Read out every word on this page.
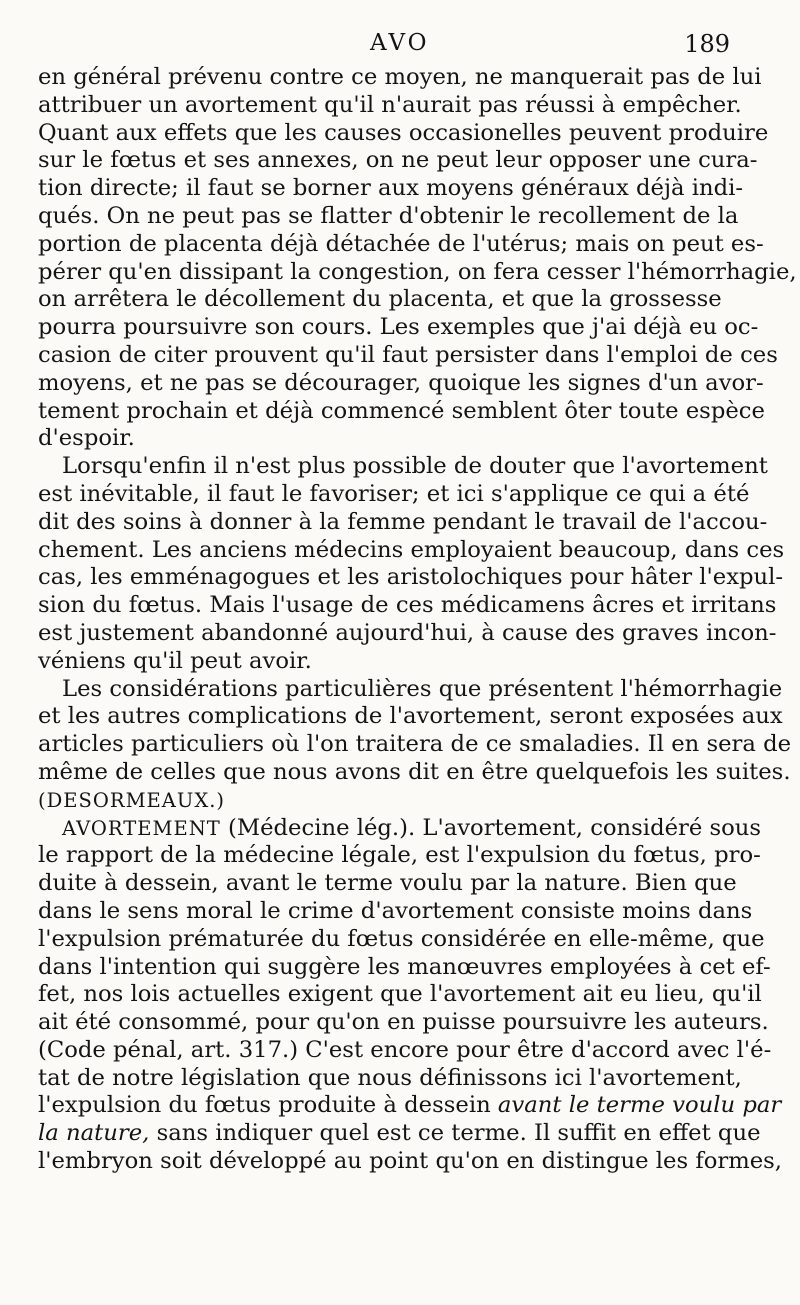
AVO	189

en général prévenu contre ce moyen, ne manquerait pas de lui
attribuer un avortement qu'il n'aurait pas réussi à empêcher.
Quant aux effets que les causes occasionelles peuvent produire
sur le fœtus et ses annexes, on ne peut leur opposer une cura-
tion directe; il faut se borner aux moyens généraux déjà indi-
qués. On ne peut pas se flatter d'obtenir le recollement de la
portion de placenta déjà détachée de l'utérus; mais on peut es-
pérer qu'en dissipant la congestion, on fera cesser l'hémorrhagie,
on arrêtera le décollement du placenta, et que la grossesse
pourra poursuivre son cours. Les exemples que j'ai déjà eu oc-
casion de citer prouvent qu'il faut persister dans l'emploi de ces
moyens, et ne pas se décourager, quoique les signes d'un avor-
tement prochain et déjà commencé semblent ôter toute espèce
d'espoir.

Lorsqu'enfin il n'est plus possible de douter que l'avortement
est inévitable, il faut le favoriser; et ici s'applique ce qui a été
dit des soins à donner à la femme pendant le travail de l'accou-
chement. Les anciens médecins employaient beaucoup, dans ces
cas, les emménagogues et les aristolochiques pour hâter l'expul-
sion du fœtus. Mais l'usage de ces médicamens âcres et irritans
est justement abandonné aujourd'hui, à cause des graves incon-
véniens qu'il peut avoir.

Les considérations particulières que présentent l'hémorrhagie
et les autres complications de l'avortement, seront exposées aux
articles particuliers où l'on traitera de ce smaladies. Il en sera de
même de celles que nous avons dit en être quelquefois les suites.

(DESORMEAUX.)

AVORTEMENT (Médecine lég.). L'avortement, considéré sous
le rapport de la médecine légale, est l'expulsion du fœtus, pro-
duite à dessein, avant le terme voulu par la nature. Bien que
dans le sens moral le crime d'avortement consiste moins dans
l'expulsion prématurée du fœtus considérée en elle-même, que
dans l'intention qui suggère les manœuvres employées à cet ef-
fet, nos lois actuelles exigent que l'avortement ait eu lieu, qu'il
ait été consommé, pour qu'on en puisse poursuivre les auteurs.
(Code pénal, art. 317.) C'est encore pour être d'accord avec l'é-
tat de notre législation que nous définissons ici l'avortement,
l'expulsion du fœtus produite à dessein avant le terme voulu par
la nature, sans indiquer quel est ce terme. Il suffit en effet que
l'embryon soit développé au point qu'on en distingue les formes,
